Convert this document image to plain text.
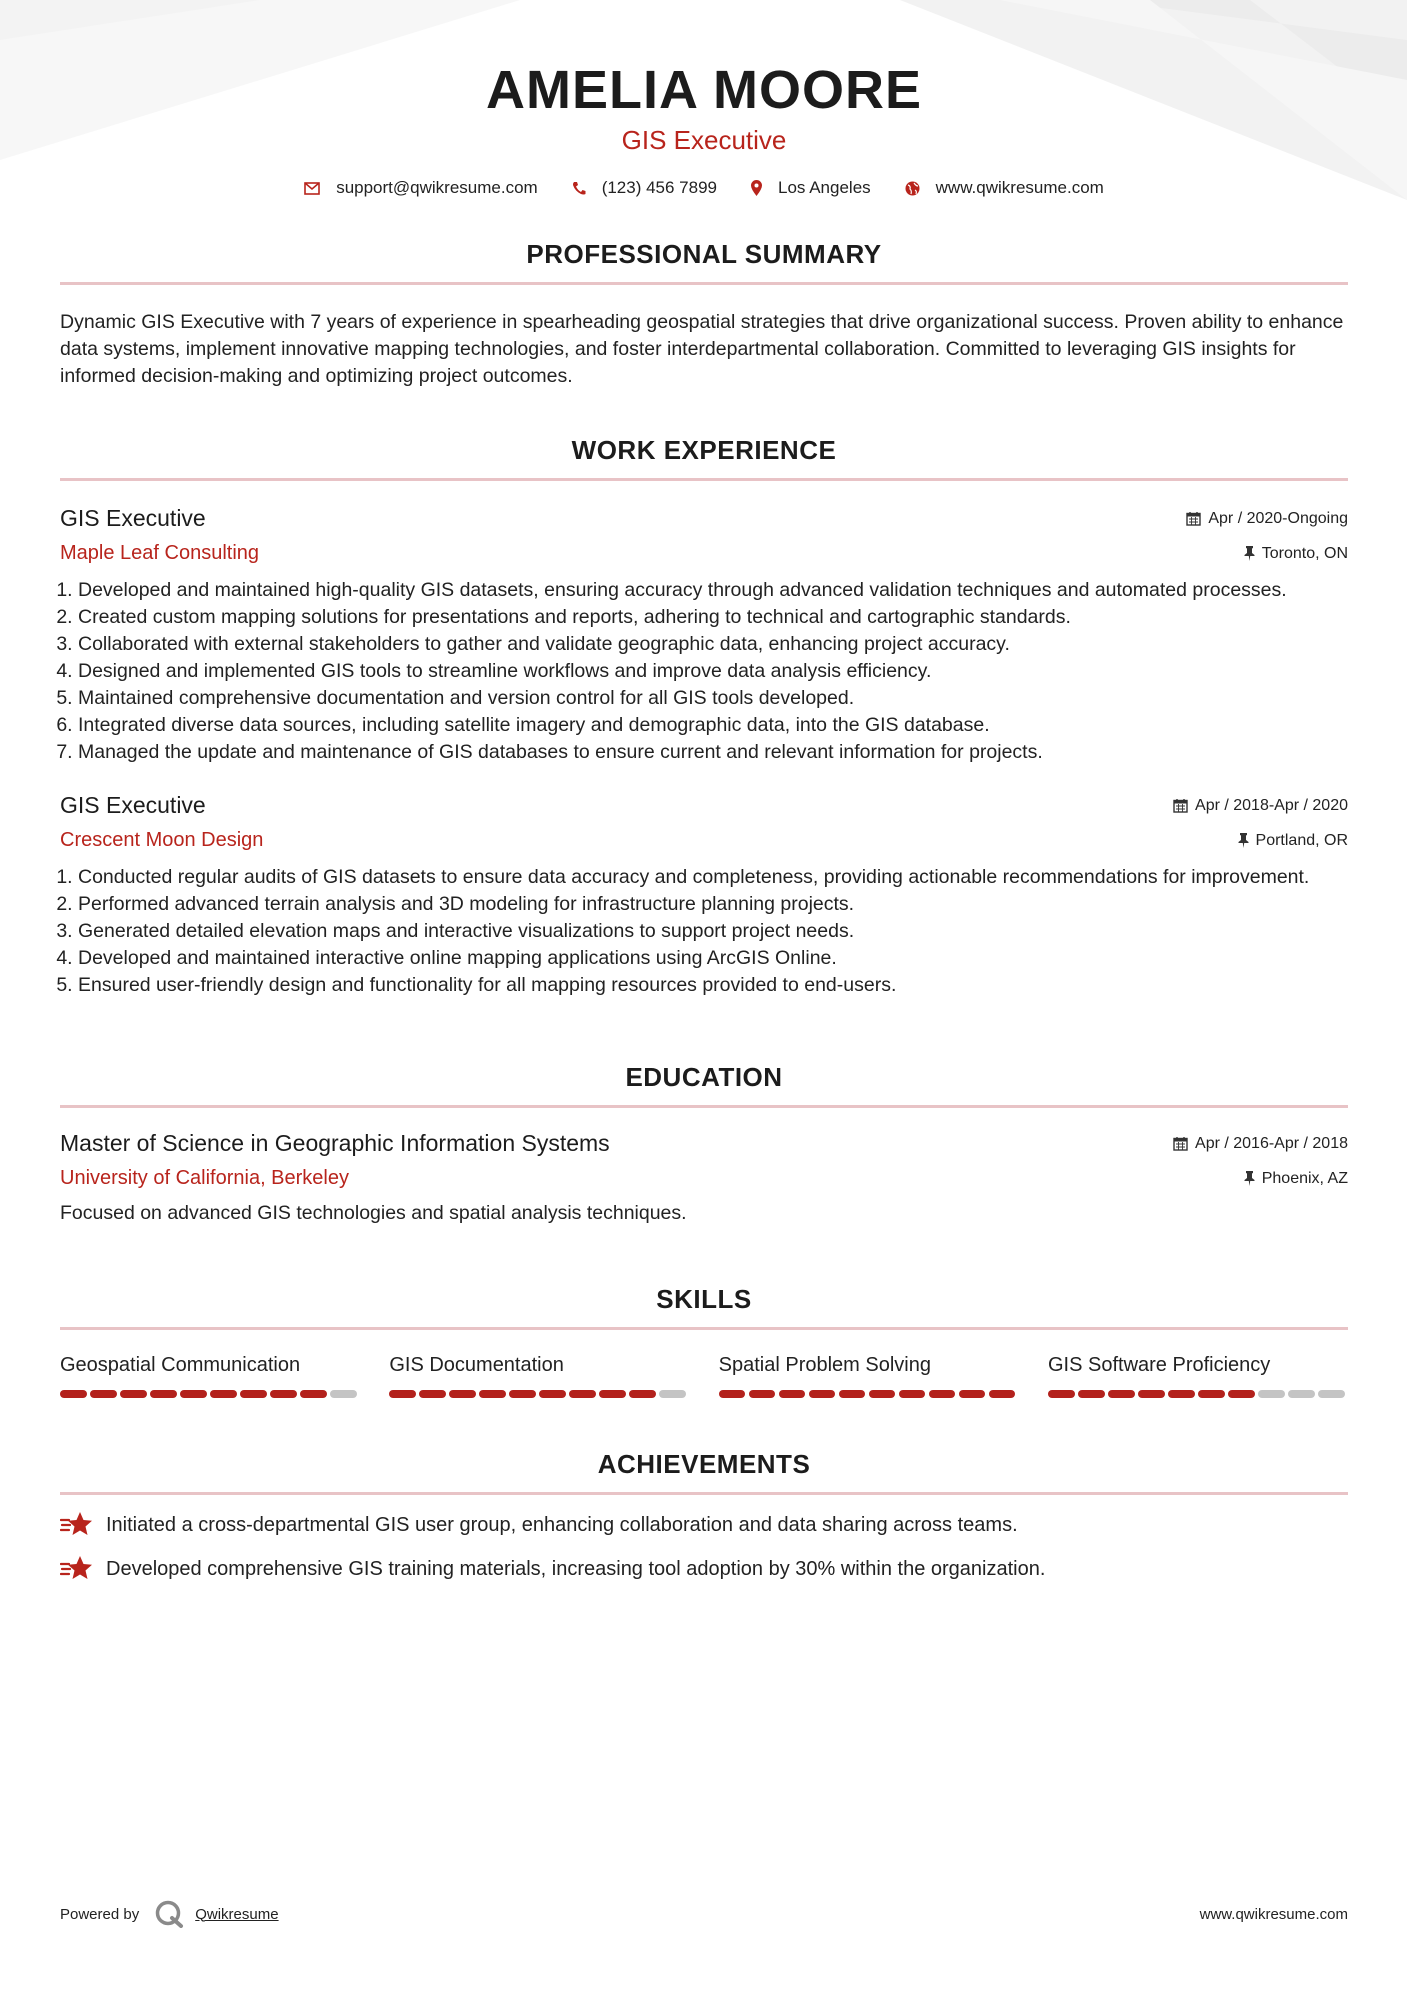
AMELIA MOORE
GIS Executive
support@qwikresume.com	(123) 456 7899	Los Angeles	www.qwikresume.com
PROFESSIONAL SUMMARY

Dynamic GIS Executive with 7 years of experience in spearheading geospatial strategies that drive organizational success. Proven ability to enhance data systems, implement innovative mapping technologies, and foster interdepartmental collaboration. Committed to leveraging GIS insights for informed decision-making and optimizing project outcomes.

WORK EXPERIENCE
GIS Executive	Apr / 2020-Ongoing
Maple Leaf Consulting	Toronto, ON
1. Developed and maintained high-quality GIS datasets, ensuring accuracy through advanced validation techniques and automated processes.
2. Created custom mapping solutions for presentations and reports, adhering to technical and cartographic standards.
3. Collaborated with external stakeholders to gather and validate geographic data, enhancing project accuracy.
4. Designed and implemented GIS tools to streamline workflows and improve data analysis efficiency.
5. Maintained comprehensive documentation and version control for all GIS tools developed.
6. Integrated diverse data sources, including satellite imagery and demographic data, into the GIS database.
7. Managed the update and maintenance of GIS databases to ensure current and relevant information for projects.
GIS Executive	Apr / 2018-Apr / 2020
Crescent Moon Design	Portland, OR
1. Conducted regular audits of GIS datasets to ensure data accuracy and completeness, providing actionable recommendations for improvement.
2. Performed advanced terrain analysis and 3D modeling for infrastructure planning projects.
3. Generated detailed elevation maps and interactive visualizations to support project needs.
4. Developed and maintained interactive online mapping applications using ArcGIS Online.
5. Ensured user-friendly design and functionality for all mapping resources provided to end-users.
EDUCATION
Master of Science in Geographic Information Systems	Apr / 2016-Apr / 2018
University of California, Berkeley	Phoenix, AZ

Focused on advanced GIS technologies and spatial analysis techniques.

SKILLS
Geospatial Communication	GIS Documentation	Spatial Problem Solving	GIS Software Proficiency
ACHIEVEMENTS
Initiated a cross-departmental GIS user group, enhancing collaboration and data sharing across teams.
Developed comprehensive GIS training materials, increasing tool adoption by 30% within the organization.
Powered by	Qwikresume	www.qwikresume.com
